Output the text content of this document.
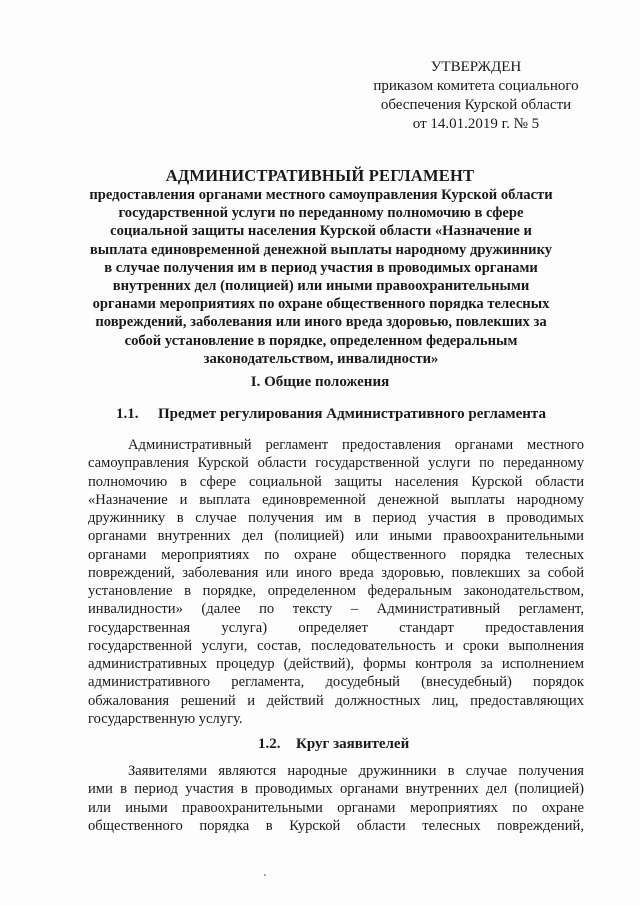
УТВЕРЖДЕН
приказом комитета социального
обеспечения Курской области
от 14.01.2019 г. № 5
АДМИНИСТРАТИВНЫЙ РЕГЛАМЕНТ
предоставления органами местного самоуправления Курской области
государственной услуги по переданному полномочию в сфере
социальной защиты населения Курской области «Назначение и
выплата единовременной денежной выплаты народному дружиннику
в случае получения им в период участия в проводимых органами
внутренних дел (полицией) или иными правоохранительными
органами мероприятиях по охране общественного порядка телесных
повреждений, заболевания или иного вреда здоровью, повлекших за
собой установление в порядке, определенном федеральным
законодательством, инвалидности»
I. Общие положения
1.1. Предмет регулирования Административного регламента
Административный регламент предоставления органами местного
самоуправления Курской области государственной услуги по переданному
полномочию в сфере социальной защиты населения Курской области
«Назначение и выплата единовременной денежной выплаты народному
дружиннику в случае получения им в период участия в проводимых
органами внутренних дел (полицией) или иными правоохранительными
органами мероприятиях по охране общественного порядка телесных
повреждений, заболевания или иного вреда здоровью, повлекших за собой
установление в порядке, определенном федеральным законодательством,
инвалидности» (далее по тексту – Административный регламент,
государственная услуга) определяет стандарт предоставления
государственной услуги, состав, последовательность и сроки выполнения
административных процедур (действий), формы контроля за исполнением
административного регламента, досудебный (внесудебный) порядок
обжалования решений и действий должностных лиц, предоставляющих
государственную услугу.
1.2. Круг заявителей
Заявителями являются народные дружинники в случае получения
ими в период участия в проводимых органами внутренних дел (полицией)
или иными правоохранительными органами мероприятиях по охране
общественного порядка в Курской области телесных повреждений,
